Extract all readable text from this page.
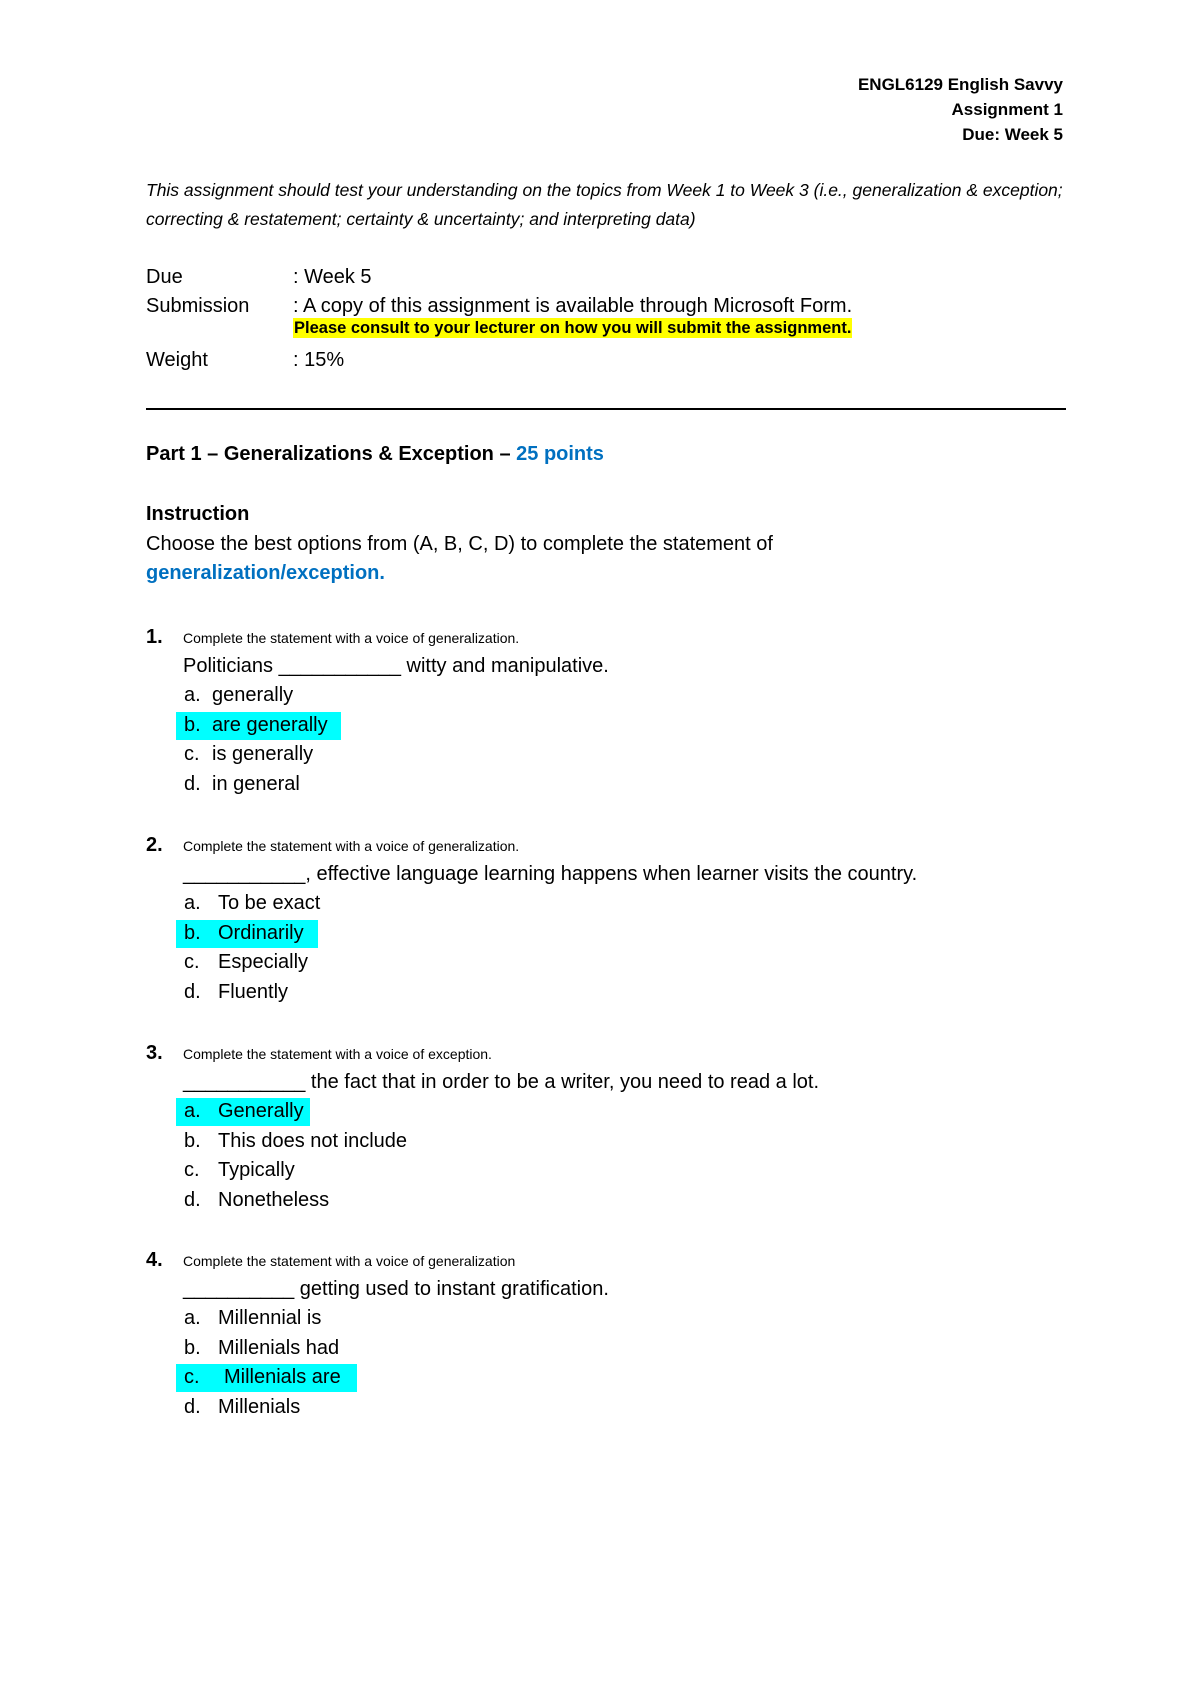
ENGL6129 English Savvy
Assignment 1
Due: Week 5
This assignment should test your understanding on the topics from Week 1 to Week 3 (i.e., generalization & exception; correcting & restatement; certainty & uncertainty; and interpreting data)
Due	: Week 5
Submission : A copy of this assignment is available through Microsoft Form.
Please consult to your lecturer on how you will submit the assignment.
Weight	: 15%
Part 1 – Generalizations & Exception – 25 points
Instruction
Choose the best options from (A, B, C, D) to complete the statement of
generalization/exception.
1. Complete the statement with a voice of generalization.
Politicians ___________ witty and manipulative.
a. generally
b. are generally
c. is generally
d. in general
2. Complete the statement with a voice of generalization.
___________, effective language learning happens when learner visits the country.
a. To be exact
b. Ordinarily
c. Especially
d. Fluently
3. Complete the statement with a voice of exception.
___________ the fact that in order to be a writer, you need to read a lot.
a. Generally
b. This does not include
c. Typically
d. Nonetheless
4. Complete the statement with a voice of generalization
__________ getting used to instant gratification.
a. Millennial is
b. Millenials had
c.	Millenials are
d. Millenials
